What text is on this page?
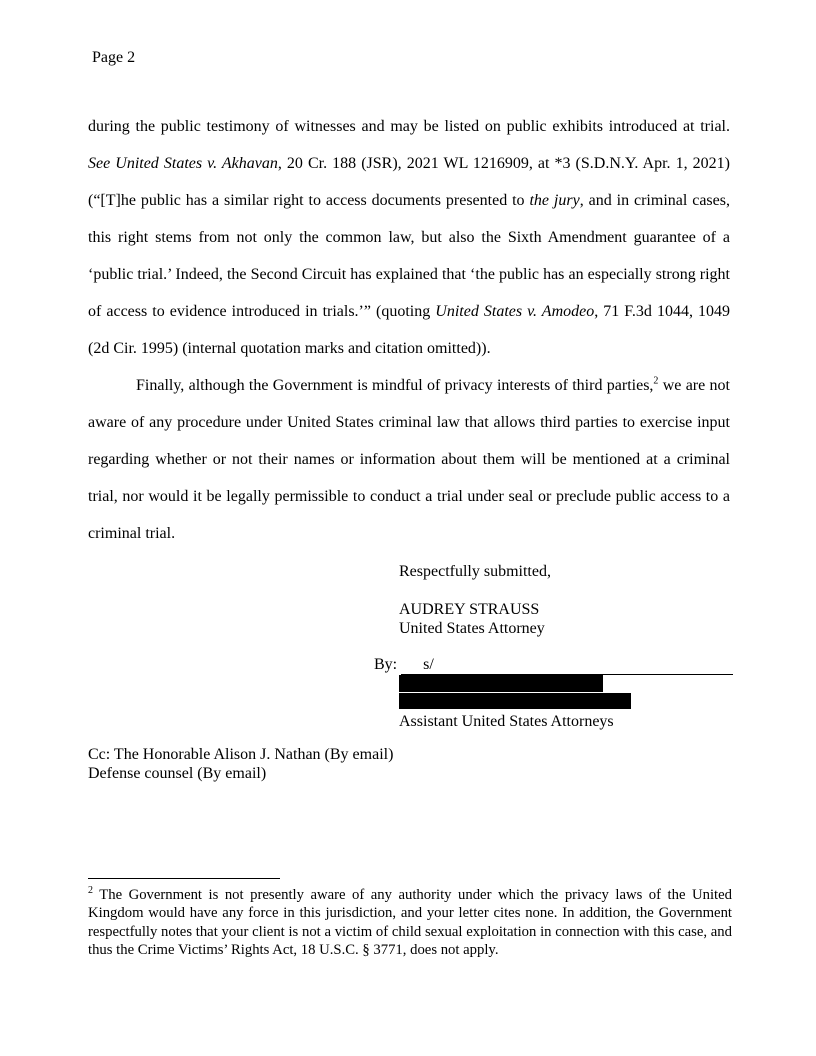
Page 2

during the public testimony of witnesses and may be listed on public exhibits introduced at trial. See United States v. Akhavan, 20 Cr. 188 (JSR), 2021 WL 1216909, at *3 (S.D.N.Y. Apr. 1, 2021) (“[T]he public has a similar right to access documents presented to the jury, and in criminal cases, this right stems from not only the common law, but also the Sixth Amendment guarantee of a ‘public trial.’ Indeed, the Second Circuit has explained that ‘the public has an especially strong right of access to evidence introduced in trials.’” (quoting United States v. Amodeo, 71 F.3d 1044, 1049 (2d Cir. 1995) (internal quotation marks and citation omitted)).

Finally, although the Government is mindful of privacy interests of third parties,$^2$ we are not aware of any procedure under United States criminal law that allows third parties to exercise input regarding whether or not their names or information about them will be mentioned at a criminal trial, nor would it be legally permissible to conduct a trial under seal or preclude public access to a criminal trial.

Respectfully submitted,

AUDREY STRAUSS

United States Attorney

By: s/

Assistant United States Attorneys

Cc: The Honorable Alison J. Nathan (By email)

Defense counsel (By email)

$^2$ The Government is not presently aware of any authority under which the privacy laws of the United Kingdom would have any force in this jurisdiction, and your letter cites none. In addition, the Government respectfully notes that your client is not a victim of child sexual exploitation in connection with this case, and thus the Crime Victims’ Rights Act, 18 U.S.C. § 3771, does not apply.
